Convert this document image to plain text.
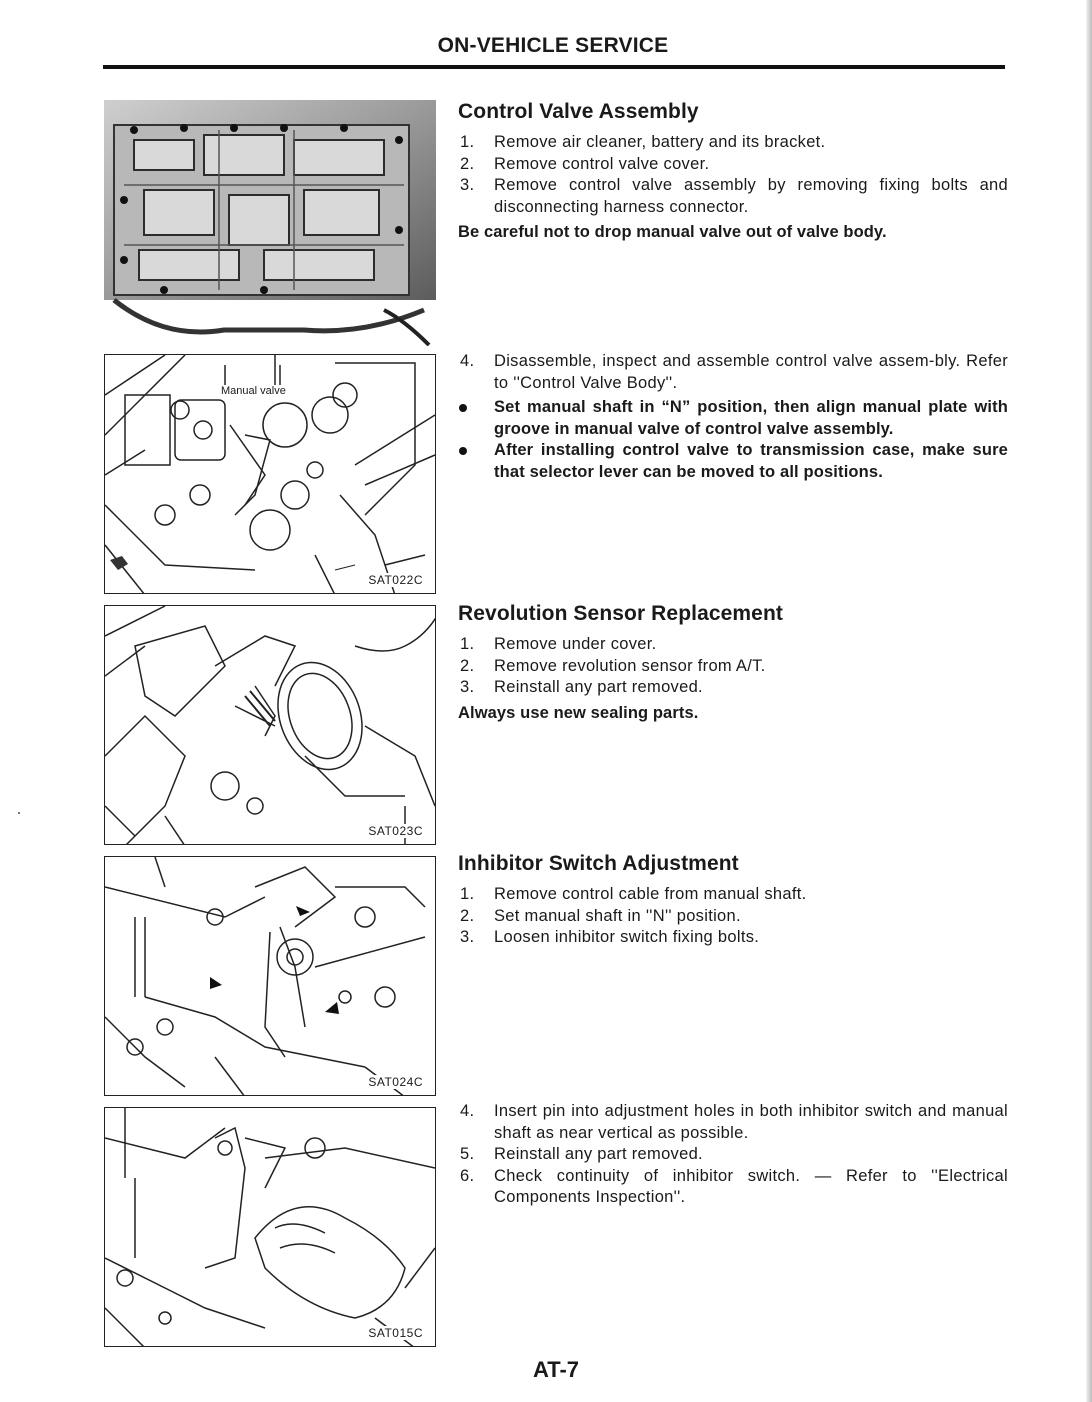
ON-VEHICLE SERVICE
Manual valve
SAT022C
SAT023C
SAT024C
SAT015C
Control Valve Assembly
1. Remove air cleaner, battery and its bracket.
2. Remove control valve cover.
3. Remove control valve assembly by removing fixing bolts and disconnecting harness connector.
Be careful not to drop manual valve out of valve body.
4. Disassemble, inspect and assemble control valve assem-bly. Refer to ''Control Valve Body''.
Set manual shaft in “N” position, then align manual plate with groove in manual valve of control valve assembly.
After installing control valve to transmission case, make sure that selector lever can be moved to all positions.
Revolution Sensor Replacement
1. Remove under cover.
2. Remove revolution sensor from A/T.
3. Reinstall any part removed.
Always use new sealing parts.
Inhibitor Switch Adjustment
1. Remove control cable from manual shaft.
2. Set manual shaft in ''N'' position.
3. Loosen inhibitor switch fixing bolts.
4. Insert pin into adjustment holes in both inhibitor switch and manual shaft as near vertical as possible.
5. Reinstall any part removed.
6. Check continuity of inhibitor switch. — Refer to ''Electrical Components Inspection''.
AT-7
